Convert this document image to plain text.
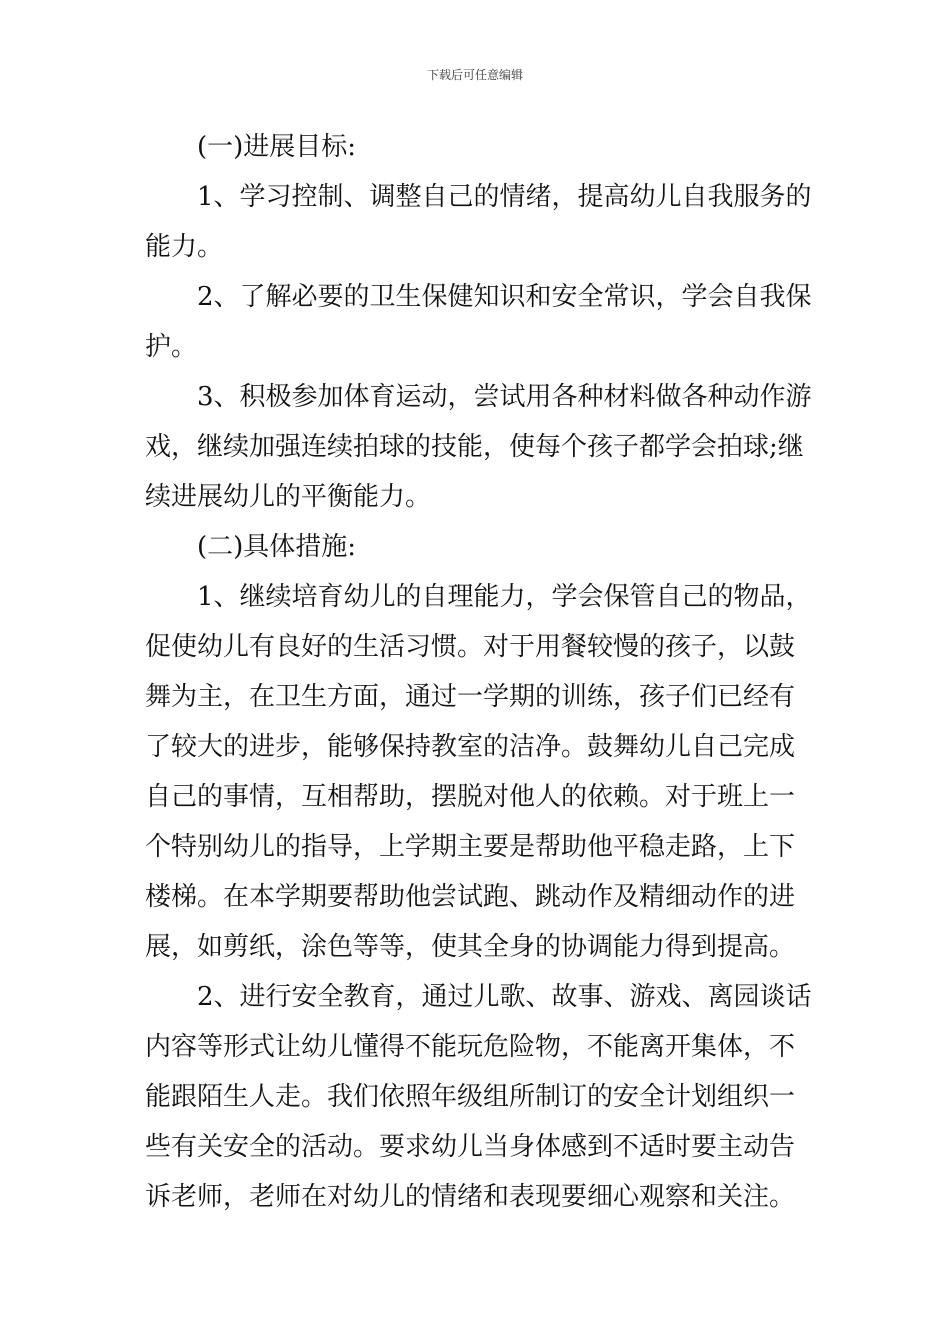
下载后可任意编辑

(一)进展目标:

1、学习控制、调整自己的情绪，提高幼儿自我服务的
能力。

2、了解必要的卫生保健知识和安全常识，学会自我保
护。

3、积极参加体育运动，尝试用各种材料做各种动作游
戏，继续加强连续拍球的技能，使每个孩子都学会拍球;继
续进展幼儿的平衡能力。

(二)具体措施:

1、继续培育幼儿的自理能力，学会保管自己的物品，
促使幼儿有良好的生活习惯。对于用餐较慢的孩子，以鼓
舞为主，在卫生方面，通过一学期的训练，孩子们已经有
了较大的进步，能够保持教室的洁净。鼓舞幼儿自己完成
自己的事情，互相帮助，摆脱对他人的依赖。对于班上一
个特别幼儿的指导，上学期主要是帮助他平稳走路，上下
楼梯。在本学期要帮助他尝试跑、跳动作及精细动作的进
展，如剪纸，涂色等等，使其全身的协调能力得到提高。

2、进行安全教育，通过儿歌、故事、游戏、离园谈话
内容等形式让幼儿懂得不能玩危险物，不能离开集体，不
能跟陌生人走。我们依照年级组所制订的安全计划组织一
些有关安全的活动。要求幼儿当身体感到不适时要主动告
诉老师，老师在对幼儿的情绪和表现要细心观察和关注。
